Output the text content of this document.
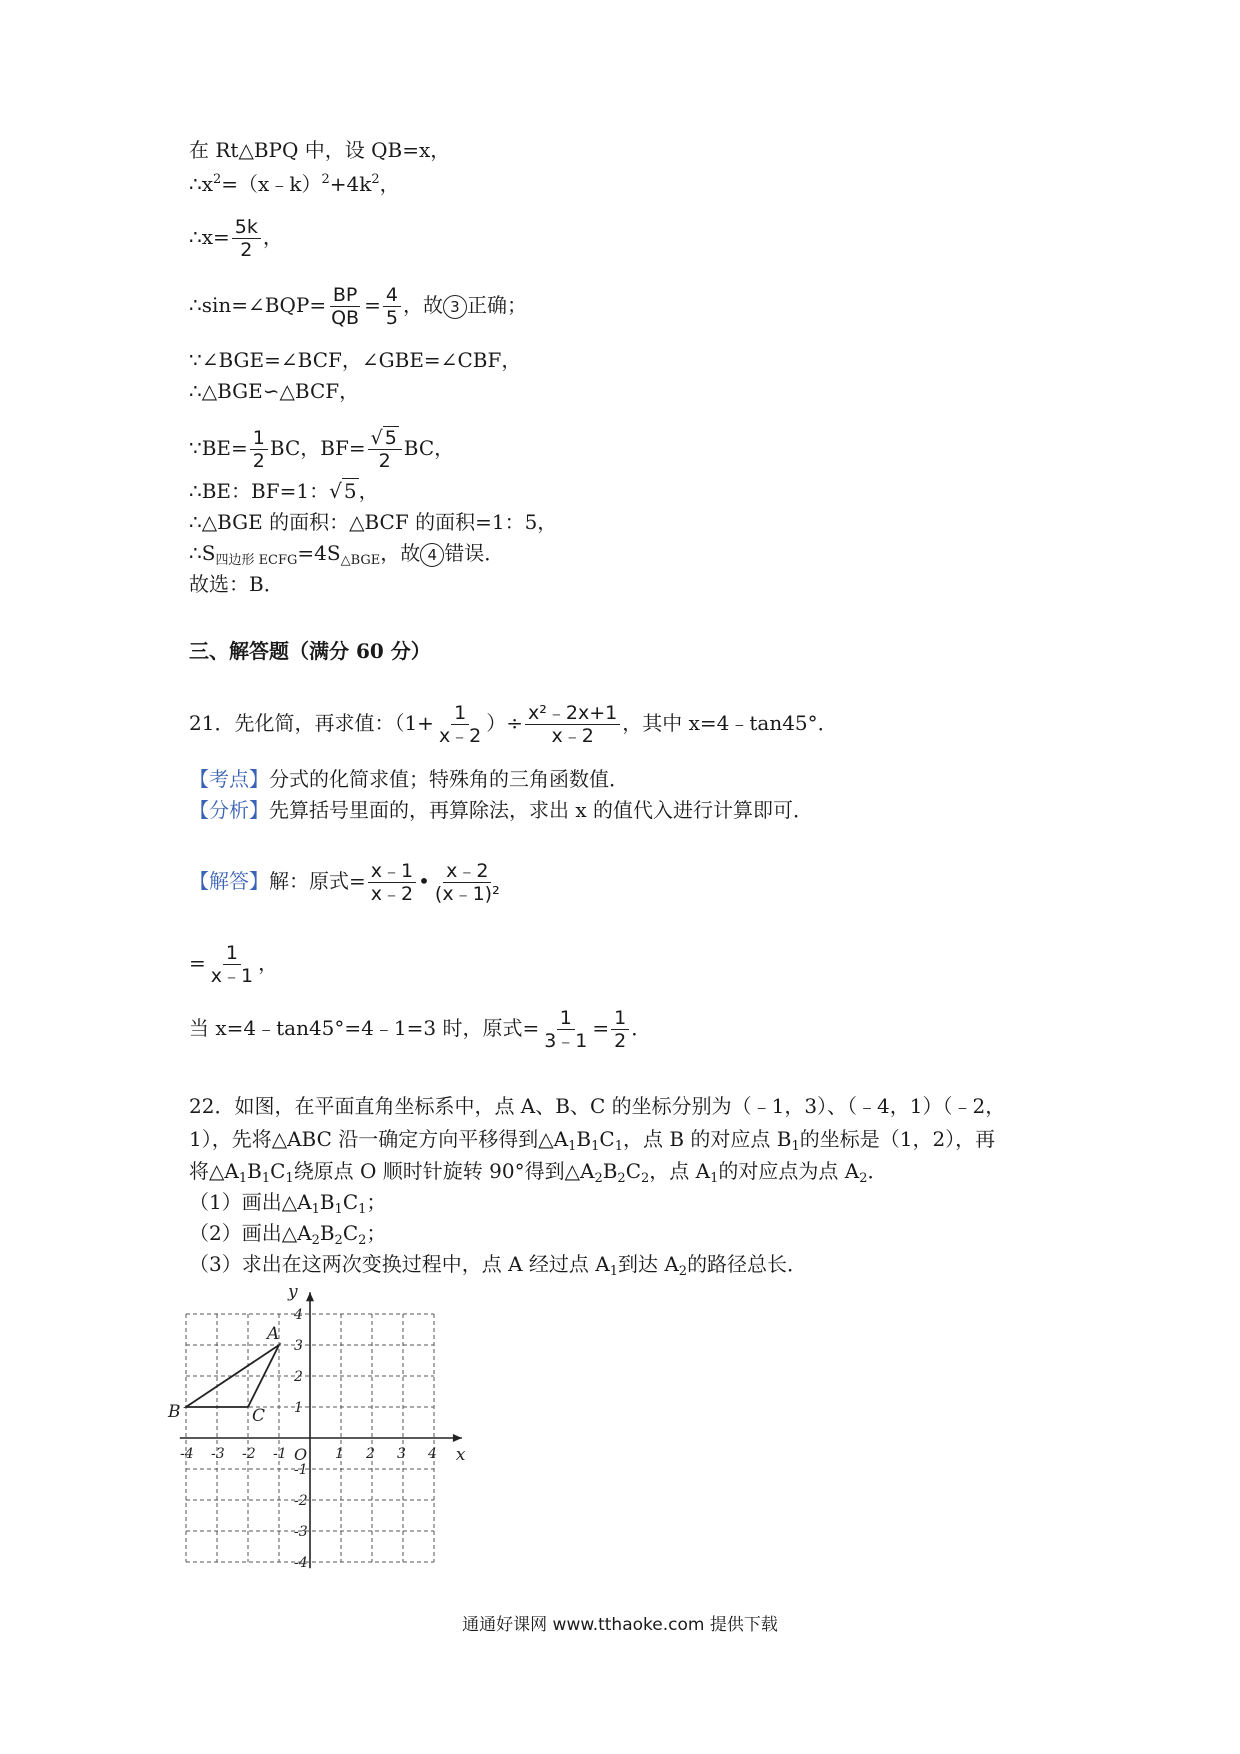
在 Rt△BPQ 中，设 QB=x，
$\therefore x^2=(x﹣k)^2+4k^2$，
∴x= $\frac{5k}{2}$ ，
∴sin=∠BQP= $\frac{BP}{QB} = \frac{4}{5}$ ，故 3 正确；
∵∠BGE=∠BCF，∠GBE=∠CBF，
∴△BGE∽△BCF，
∵BE= $\frac{1}{2}$ BC，$BF= \frac{√ 5}{2}$ BC，
∴BE：BF=1：√ 5 ，
∴△BGE 的面积：△BCF 的面积=1：5，
$\therefore S_{四边形 ECFG}=4S_{\triangle BGE}$，故 4 错误．
故选：B．
三、解答题（满分 60 分）
21．先化简，再求值：（$1+ \frac{1}{x﹣2}$ ）÷ $\frac{\text{x²﹣2x+1}}{x﹣2}$ ，其中 x=4﹣tan45°．
【考点】分式的化简求值；特殊角的三角函数值．
【分析】先算括号里面的，再算除法，求出 x 的值代入进行计算即可．
【解答】解：原式= $\frac{x﹣1}{x﹣2}$ • $\frac{x﹣2}{\text{(x﹣1)²}}$
= $\frac{1}{x﹣1}$ ，
当 x=4﹣tan45°=4﹣1=3 时，原式= $\frac{1}{3﹣1} = \frac{1}{2}$ ．
22．如图，在平面直角坐标系中，点 A、B、C 的坐标分别为（﹣1，3）、（﹣4，1）（﹣2，
1），先将△ABC 沿一确定方向平移得到$\triangle A_1B_1C_1$，点 B 的对应点 $B_1$的坐标是（1，2），再
将$\triangle A_1B_1C_1$绕原点 O 顺时针旋转 90°得到$\triangle A_2B_2C_2$，点 $A_1$的对应点为点 $A_2$．
（1）画出$\triangle A_1B_1C_1$；
（2）画出$\triangle A_2B_2C_2$；
（3）求出在这两次变换过程中，点 A 经过点 $A_1$到达 $A_2$的路径总长．
-4 -3 -2 -1	1 2 3 4
4
3
2
1
-1
-2
-3
-4
x
y
O
A
B	C
通通好课网 www.tthaoke.com 提供下载
